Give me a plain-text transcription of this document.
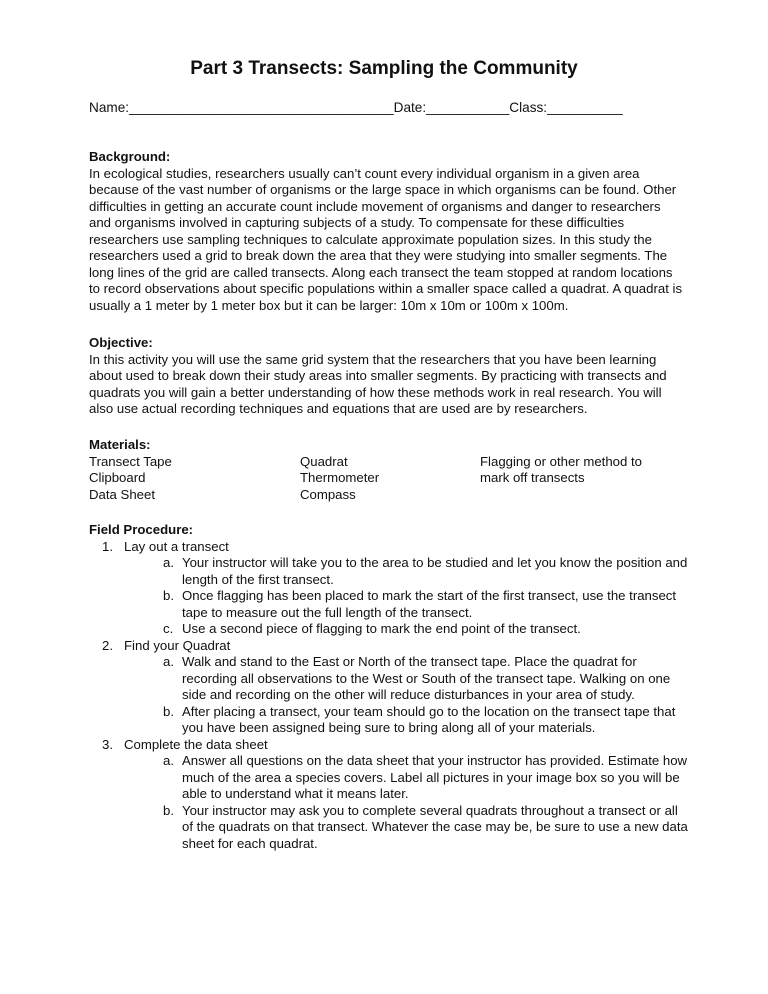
Part 3 Transects: Sampling the Community
Name:___________________________________Date:___________Class:__________

Background:

In ecological studies, researchers usually can’t count every individual organism in a given area because of the vast number of organisms or the large space in which organisms can be found. Other difficulties in getting an accurate count include movement of organisms and danger to researchers and organisms involved in capturing subjects of a study. To compensate for these difficulties researchers use sampling techniques to calculate approximate population sizes. In this study the researchers used a grid to break down the area that they were studying into smaller segments. The long lines of the grid are called transects. Along each transect the team stopped at random locations to record observations about specific populations within a smaller space called a quadrat. A quadrat is usually a 1 meter by 1 meter box but it can be larger: 10m x 10m or 100m x 100m.

Objective:

In this activity you will use the same grid system that the researchers that you have been learning about used to break down their study areas into smaller segments. By practicing with transects and quadrats you will gain a better understanding of how these methods work in real research. You will also use actual recording techniques and equations that are used are by researchers.

Materials:
Transect Tape
Clipboard
Data Sheet
Quadrat
Thermometer
Compass
Flagging or other method to
mark off transects
Field Procedure:
1. Lay out a transect
a. Your instructor will take you to the area to be studied and let you know the position and length of the first transect.
b. Once flagging has been placed to mark the start of the first transect, use the transect tape to measure out the full length of the transect.
c. Use a second piece of flagging to mark the end point of the transect.
2. Find your Quadrat
a. Walk and stand to the East or North of the transect tape. Place the quadrat for recording all observations to the West or South of the transect tape. Walking on one side and recording on the other will reduce disturbances in your area of study.
b. After placing a transect, your team should go to the location on the transect tape that you have been assigned being sure to bring along all of your materials.
3. Complete the data sheet
a. Answer all questions on the data sheet that your instructor has provided. Estimate how much of the area a species covers. Label all pictures in your image box so you will be able to understand what it means later.
b. Your instructor may ask you to complete several quadrats throughout a transect or all of the quadrats on that transect. Whatever the case may be, be sure to use a new data sheet for each quadrat.
